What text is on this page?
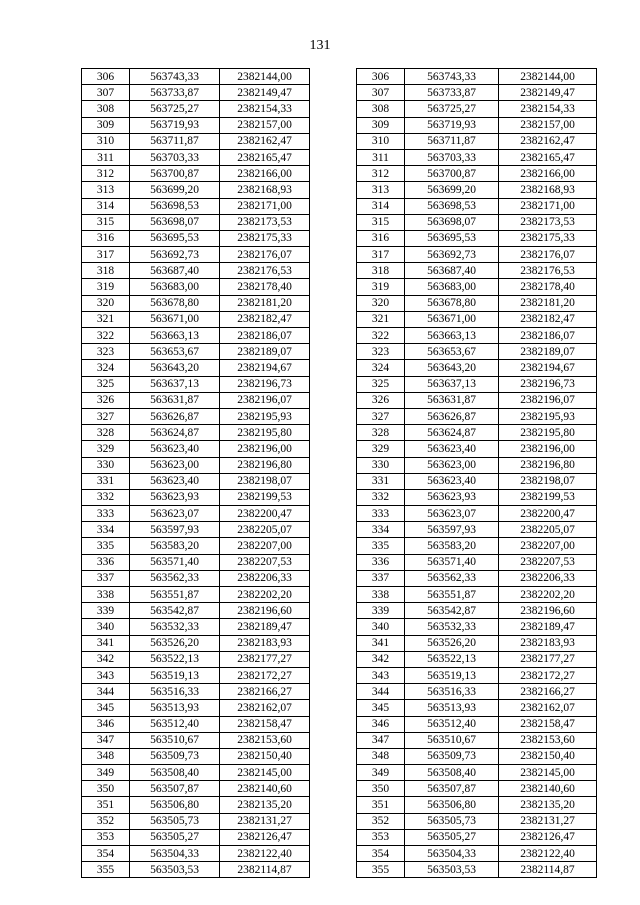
131
306	563743,33	2382144,00		306	563743,33	2382144,00
307	563733,87	2382149,47		307	563733,87	2382149,47
308	563725,27	2382154,33		308	563725,27	2382154,33
309	563719,93	2382157,00		309	563719,93	2382157,00
310	563711,87	2382162,47		310	563711,87	2382162,47
311	563703,33	2382165,47		311	563703,33	2382165,47
312	563700,87	2382166,00		312	563700,87	2382166,00
313	563699,20	2382168,93		313	563699,20	2382168,93
314	563698,53	2382171,00		314	563698,53	2382171,00
315	563698,07	2382173,53		315	563698,07	2382173,53
316	563695,53	2382175,33		316	563695,53	2382175,33
317	563692,73	2382176,07		317	563692,73	2382176,07
318	563687,40	2382176,53		318	563687,40	2382176,53
319	563683,00	2382178,40		319	563683,00	2382178,40
320	563678,80	2382181,20		320	563678,80	2382181,20
321	563671,00	2382182,47		321	563671,00	2382182,47
322	563663,13	2382186,07		322	563663,13	2382186,07
323	563653,67	2382189,07		323	563653,67	2382189,07
324	563643,20	2382194,67		324	563643,20	2382194,67
325	563637,13	2382196,73		325	563637,13	2382196,73
326	563631,87	2382196,07		326	563631,87	2382196,07
327	563626,87	2382195,93		327	563626,87	2382195,93
328	563624,87	2382195,80		328	563624,87	2382195,80
329	563623,40	2382196,00		329	563623,40	2382196,00
330	563623,00	2382196,80		330	563623,00	2382196,80
331	563623,40	2382198,07		331	563623,40	2382198,07
332	563623,93	2382199,53		332	563623,93	2382199,53
333	563623,07	2382200,47		333	563623,07	2382200,47
334	563597,93	2382205,07		334	563597,93	2382205,07
335	563583,20	2382207,00		335	563583,20	2382207,00
336	563571,40	2382207,53		336	563571,40	2382207,53
337	563562,33	2382206,33		337	563562,33	2382206,33
338	563551,87	2382202,20		338	563551,87	2382202,20
339	563542,87	2382196,60		339	563542,87	2382196,60
340	563532,33	2382189,47		340	563532,33	2382189,47
341	563526,20	2382183,93		341	563526,20	2382183,93
342	563522,13	2382177,27		342	563522,13	2382177,27
343	563519,13	2382172,27		343	563519,13	2382172,27
344	563516,33	2382166,27		344	563516,33	2382166,27
345	563513,93	2382162,07		345	563513,93	2382162,07
346	563512,40	2382158,47		346	563512,40	2382158,47
347	563510,67	2382153,60		347	563510,67	2382153,60
348	563509,73	2382150,40		348	563509,73	2382150,40
349	563508,40	2382145,00		349	563508,40	2382145,00
350	563507,87	2382140,60		350	563507,87	2382140,60
351	563506,80	2382135,20		351	563506,80	2382135,20
352	563505,73	2382131,27		352	563505,73	2382131,27
353	563505,27	2382126,47		353	563505,27	2382126,47
354	563504,33	2382122,40		354	563504,33	2382122,40
355	563503,53	2382114,87		355	563503,53	2382114,87
